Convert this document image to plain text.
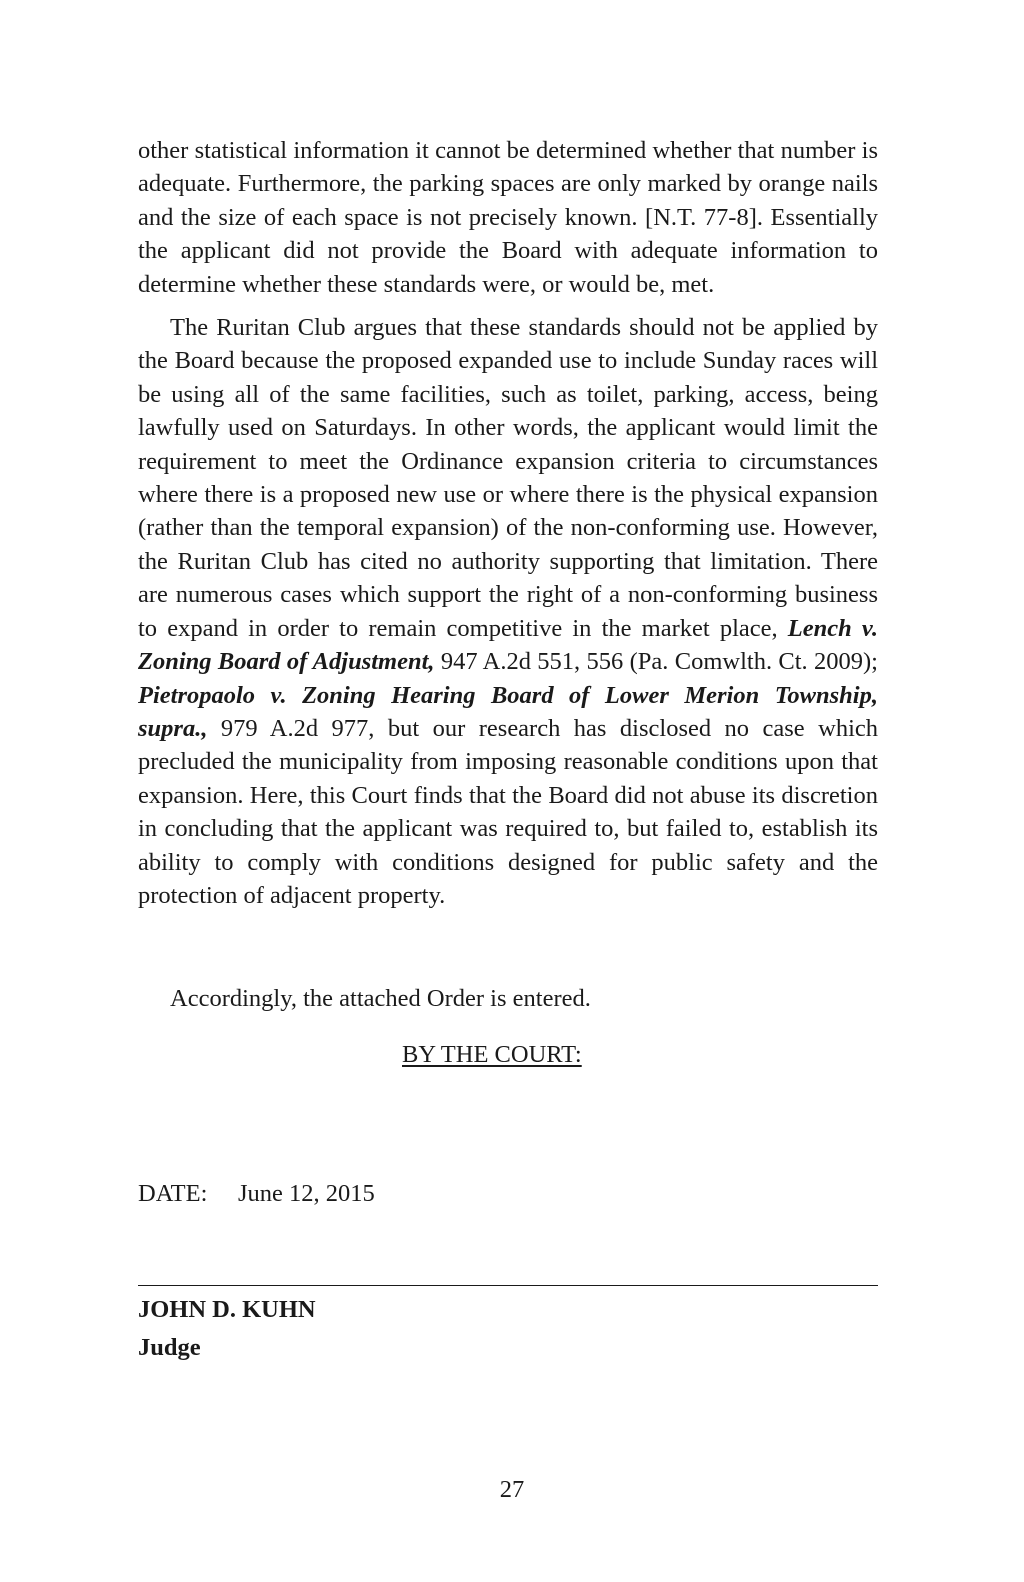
other statistical information it cannot be determined whether that number is adequate. Furthermore, the parking spaces are only marked by orange nails and the size of each space is not precisely known. [N.T. 77-8]. Essentially the applicant did not provide the Board with adequate information to determine whether these standards were, or would be, met.

The Ruritan Club argues that these standards should not be applied by the Board because the proposed expanded use to include Sunday races will be using all of the same facilities, such as toilet, parking, access, being lawfully used on Saturdays. In other words, the applicant would limit the requirement to meet the Ordinance expansion criteria to circumstances where there is a proposed new use or where there is the physical expansion (rather than the temporal expansion) of the non-conforming use. However, the Ruritan Club has cited no authority supporting that limitation. There are numerous cases which support the right of a non-conforming business to expand in order to remain competitive in the market place, Lench v. Zoning Board of Adjustment, 947 A.2d 551, 556 (Pa. Comwlth. Ct. 2009); Pietropaolo v. Zoning Hearing Board of Lower Merion Township, supra., 979 A.2d 977, but our research has disclosed no case which precluded the municipality from imposing reasonable conditions upon that expansion. Here, this Court finds that the Board did not abuse its discretion in concluding that the applicant was required to, but failed to, establish its ability to comply with conditions designed for public safety and the protection of adjacent property.

Accordingly, the attached Order is entered.

BY THE COURT:

DATE: June 12, 2015

JOHN D. KUHN

Judge

27
